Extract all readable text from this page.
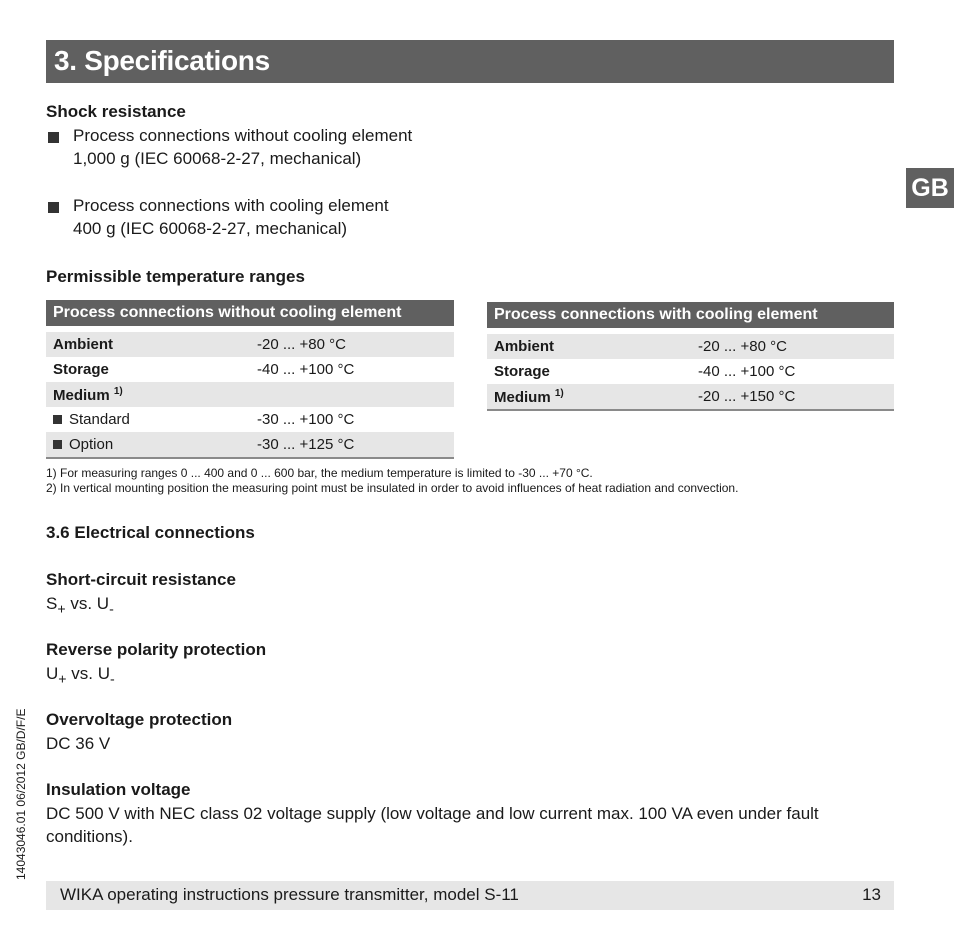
3. Specifications
GB
Shock resistance
Process connections without cooling element
1,000 g (IEC 60068-2-27, mechanical)
Process connections with cooling element
400 g (IEC 60068-2-27, mechanical)
Permissible temperature ranges
Process connections without cooling element	

Ambient	-20 ... +80 °C
Storage	-40 ... +100 °C
Medium $^{1)}$	
Standard	-30 ... +100 °C
Option	-30 ... +125 °C
Process connections with cooling element	

Ambient	-20 ... +80 °C
Storage	-40 ... +100 °C
Medium $^{1)}$	-20 ... +150 °C
1) For measuring ranges 0 ... 400 and 0 ... 600 bar, the medium temperature is limited to -30 ... +70 °C.
2) In vertical mounting position the measuring point must be insulated in order to avoid influences of heat radiation and convection.
3.6 Electrical connections
Short-circuit resistance
$S_+$ vs. $U_-$
Reverse polarity protection
$U_+$ vs. $U_-$
Overvoltage protection
DC 36 V
Insulation voltage
DC 500 V with NEC class 02 voltage supply (low voltage and low current max. 100 VA even under fault
conditions).
14043046.01 06/2012 GB/D/F/E
WIKA operating instructions pressure transmitter, model S-11	13
